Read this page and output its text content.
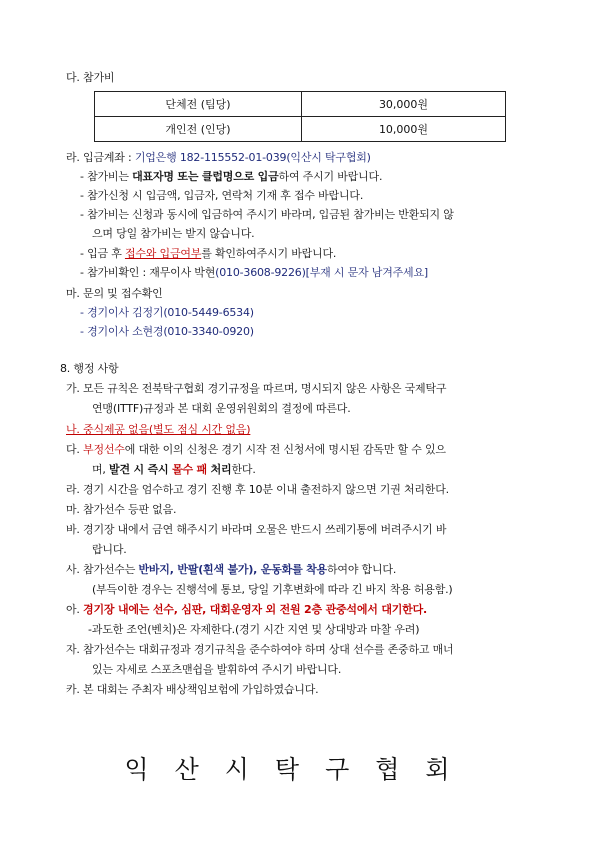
다. 참가비
단체전 (팀당)	30,000원
개인전 (인당)	10,000원
라. 입금계좌 : 기업은행 182-115552-01-039(익산시 탁구협회)
- 참가비는 대표자명 또는 클럽명으로 입금하여 주시기 바랍니다.
- 참가신청 시 입금액, 입금자, 연락처 기재 후 접수 바랍니다.
- 참가비는 신청과 동시에 입금하여 주시기 바라며, 입금된 참가비는 반환되지 않
으며 당일 참가비는 받지 않습니다.
- 입금 후 접수와 입금여부를 확인하여주시기 바랍니다.
- 참가비확인 : 재무이사 박현(010-3608-9226)[부재 시 문자 남겨주세요]
마. 문의 및 접수확인
- 경기이사 김정기(010-5449-6534)
- 경기이사 소현경(010-3340-0920)
8. 행정 사항
가. 모든 규칙은 전북탁구협회 경기규정을 따르며, 명시되지 않은 사항은 국제탁구
연맹(ITTF)규정과 본 대회 운영위원회의 결정에 따른다.
나. 중식제공 없음(별도 점심 시간 없음)
다. 부정선수에 대한 이의 신청은 경기 시작 전 신청서에 명시된 감독만 할 수 있으
며, 발견 시 즉시 몰수 패 처리한다.
라. 경기 시간을 엄수하고 경기 진행 후 10분 이내 출전하지 않으면 기권 처리한다.
마. 참가선수 등판 없음.
바. 경기장 내에서 금연 해주시기 바라며 오물은 반드시 쓰레기통에 버려주시기 바
랍니다.
사. 참가선수는 반바지, 반팔(흰색 불가), 운동화를 착용하여야 합니다.
(부득이한 경우는 진행석에 통보, 당일 기후변화에 따라 긴 바지 착용 허용함.)
아. 경기장 내에는 선수, 심판, 대회운영자 외 전원 2층 관중석에서 대기한다.
-과도한 조언(벤치)은 자제한다.(경기 시간 지연 및 상대방과 마찰 우려)
자. 참가선수는 대회규정과 경기규칙을 준수하여야 하며 상대 선수를 존중하고 매너
있는 자세로 스포츠맨쉽을 발휘하여 주시기 바랍니다.
카. 본 대회는 주최자 배상책임보험에 가입하였습니다.
익산시탁구협회
